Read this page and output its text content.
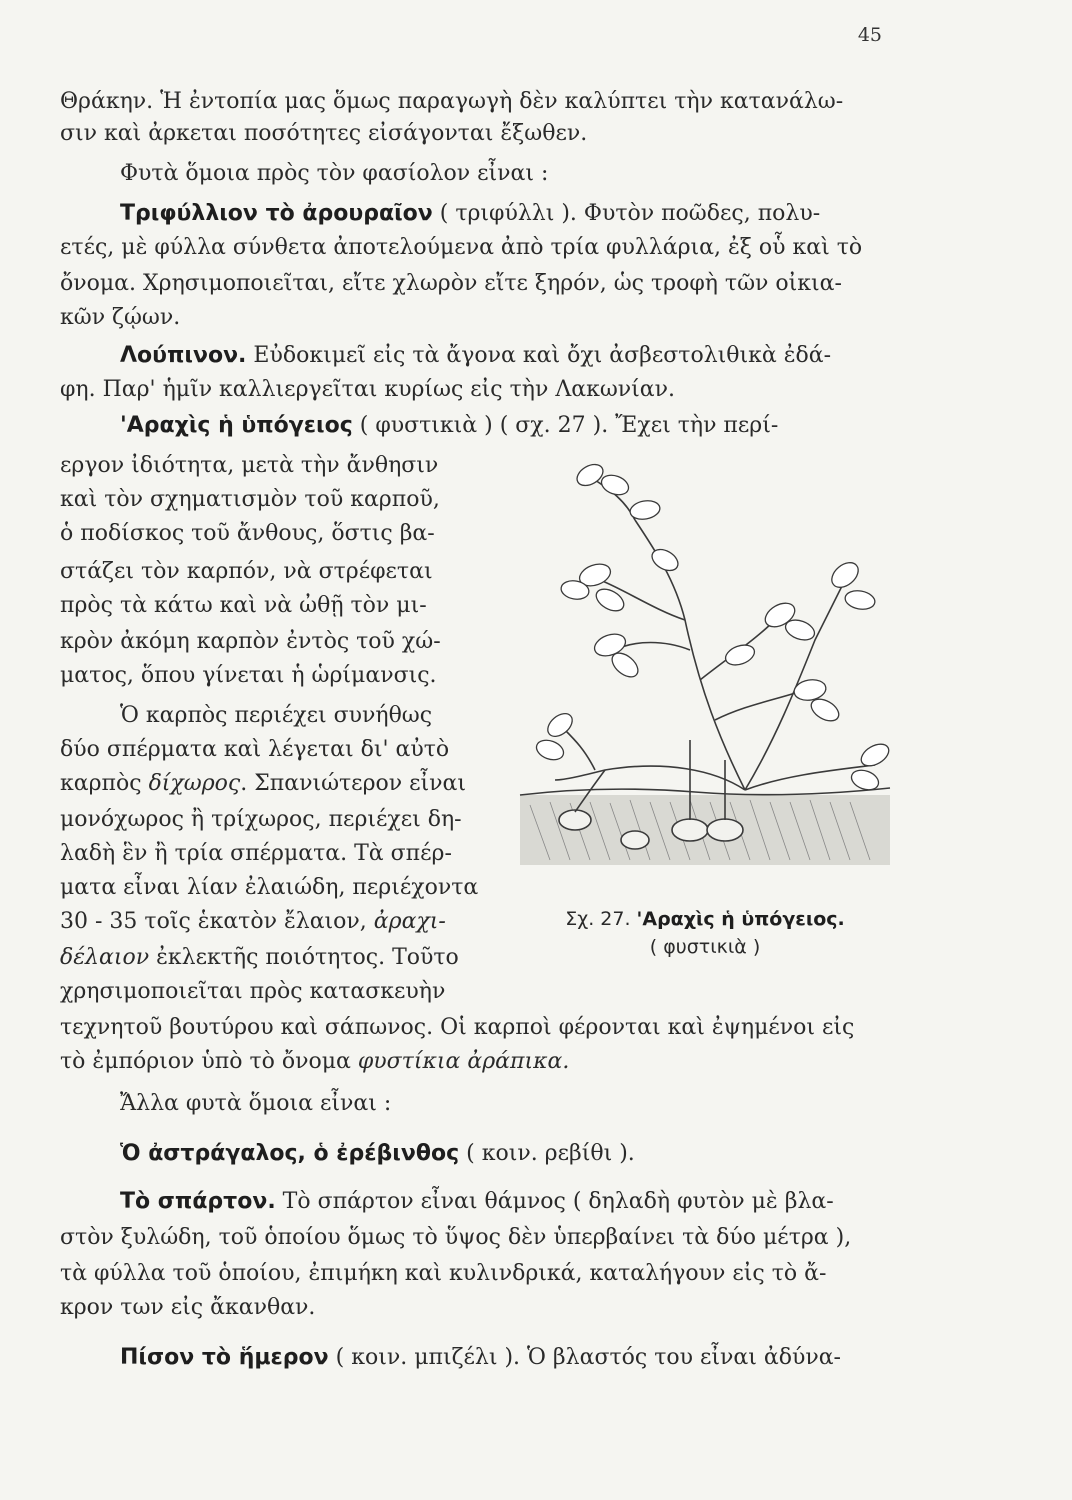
45

Θράκην. Ἡ ἐντοπία μας ὅμως παραγωγὴ δὲν καλύπτει τὴν κατανάλω-

σιν καὶ ἀρκεται ποσότητες εἰσάγονται ἔξωθεν.

Φυτὰ ὅμοια πρὸς τὸν φασίολον εἶναι :

Τριφύλλιον τὸ ἀρουραῖον ( τριφύλλι ). Φυτὸν ποῶδες, πολυ-

ετές, μὲ φύλλα σύνθετα ἀποτελούμενα ἀπὸ τρία φυλλάρια, ἐξ οὗ καὶ τὸ

ὄνομα. Χρησιμοποιεῖται, εἴτε χλωρὸν εἴτε ξηρόν, ὡς τροφὴ τῶν οἰκια-

κῶν ζῴων.

Λούπινον. Εὐδοκιμεῖ εἰς τὰ ἄγονα καὶ ὄχι ἀσβεστολιθικὰ ἐδά-

φη. Παρ' ἡμῖν καλλιεργεῖται κυρίως εἰς τὴν Λακωνίαν.

'Αραχὶς ἡ ὑπόγειος ( φυστικιὰ ) ( σχ. 27 ). Ἔχει τὴν περί-

εργον ἰδιότητα, μετὰ τὴν ἄνθησιν

καὶ τὸν σχηματισμὸν τοῦ καρποῦ,

ὁ ποδίσκος τοῦ ἄνθους, ὅστις βα-

στάζει τὸν καρπόν, νὰ στρέφεται

πρὸς τὰ κάτω καὶ νὰ ὠθῇ τὸν μι-

κρὸν ἀκόμη καρπὸν ἐντὸς τοῦ χώ-

ματος, ὅπου γίνεται ἡ ὡρίμανσις.

Ὁ καρπὸς περιέχει συνήθως

δύο σπέρματα καὶ λέγεται δι' αὐτὸ

καρπὸς δίχωρος. Σπανιώτερον εἶναι

μονόχωρος ἢ τρίχωρος, περιέχει δη-

λαδὴ ἓν ἢ τρία σπέρματα. Τὰ σπέρ-

ματα εἶναι λίαν ἐλαιώδη, περιέχοντα

30 - 35 τοῖς ἑκατὸν ἔλαιον, ἀραχι-

δέλαιον ἐκλεκτῆς ποιότητος. Τοῦτο

χρησιμοποιεῖται πρὸς κατασκευὴν

Σχ. 27. 'Αραχὶς ἡ ὑπόγειος.
( φυστικιὰ )

τεχνητοῦ βουτύρου καὶ σάπωνος. Οἱ καρποὶ φέρονται καὶ ἐψημένοι εἰς

τὸ ἐμπόριον ὑπὸ τὸ ὄνομα φυστίκια ἀράπικα.

Ἄλλα φυτὰ ὅμοια εἶναι :

Ὁ ἀστράγαλος, ὁ ἐρέβινθος ( κοιν. ρεβίθι ).

Τὸ σπάρτον. Τὸ σπάρτον εἶναι θάμνος ( δηλαδὴ φυτὸν μὲ βλα-

στὸν ξυλώδη, τοῦ ὁποίου ὅμως τὸ ὕψος δὲν ὑπερβαίνει τὰ δύο μέτρα ),

τὰ φύλλα τοῦ ὁποίου, ἐπιμήκη καὶ κυλινδρικά, καταλήγουν εἰς τὸ ἄ-

κρον των εἰς ἄκανθαν.

Πίσον τὸ ἥμερον ( κοιν. μπιζέλι ). Ὁ βλαστός του εἶναι ἀδύνα-
